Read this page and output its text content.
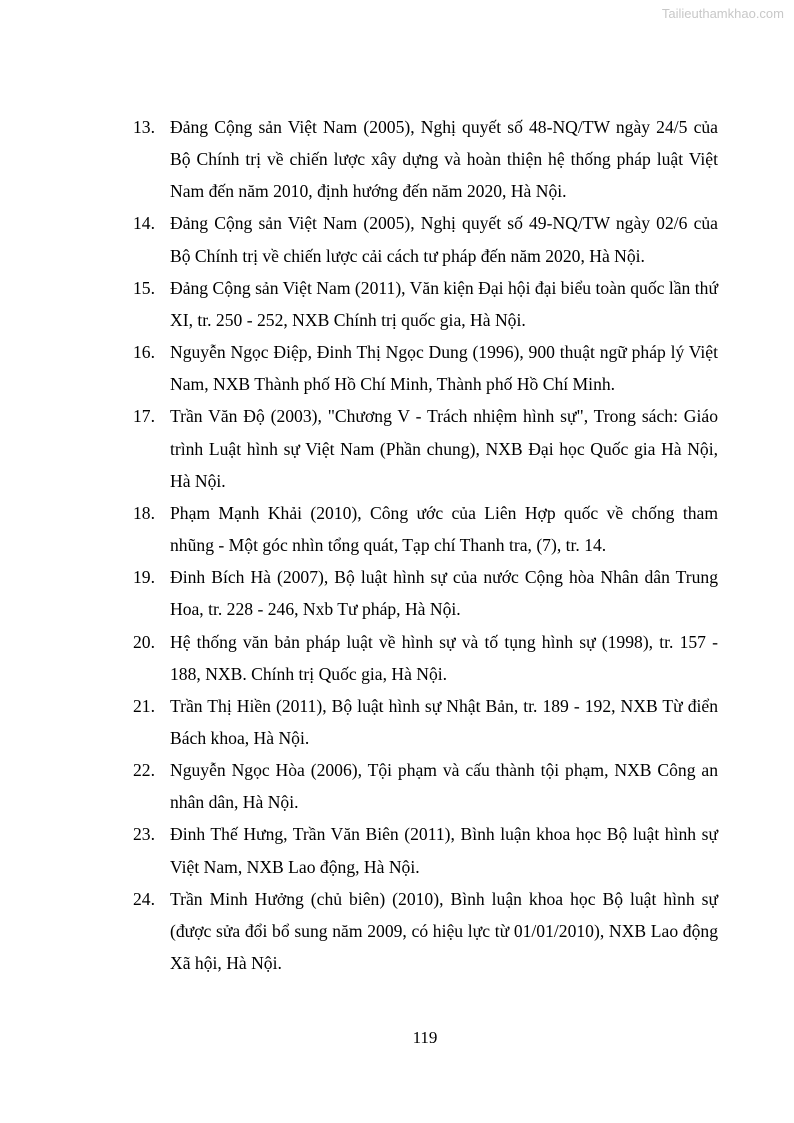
Tailieuthamkhao.com
13. Đảng Cộng sản Việt Nam (2005), Nghị quyết số 48-NQ/TW ngày 24/5 của Bộ Chính trị về chiến lược xây dựng và hoàn thiện hệ thống pháp luật Việt Nam đến năm 2010, định hướng đến năm 2020, Hà Nội.
14. Đảng Cộng sản Việt Nam (2005), Nghị quyết số 49-NQ/TW ngày 02/6 của Bộ Chính trị về chiến lược cải cách tư pháp đến năm 2020, Hà Nội.
15. Đảng Cộng sản Việt Nam (2011), Văn kiện Đại hội đại biểu toàn quốc lần thứ XI, tr. 250 - 252, NXB Chính trị quốc gia, Hà Nội.
16. Nguyễn Ngọc Điệp, Đinh Thị Ngọc Dung (1996), 900 thuật ngữ pháp lý Việt Nam, NXB Thành phố Hồ Chí Minh, Thành phố Hồ Chí Minh.
17. Trần Văn Độ (2003), "Chương V - Trách nhiệm hình sự", Trong sách: Giáo trình Luật hình sự Việt Nam (Phần chung), NXB Đại học Quốc gia Hà Nội, Hà Nội.
18. Phạm Mạnh Khải (2010), Công ước của Liên Hợp quốc về chống tham nhũng - Một góc nhìn tổng quát, Tạp chí Thanh tra, (7), tr. 14.
19. Đinh Bích Hà (2007), Bộ luật hình sự của nước Cộng hòa Nhân dân Trung Hoa, tr. 228 - 246, Nxb Tư pháp, Hà Nội.
20. Hệ thống văn bản pháp luật về hình sự và tố tụng hình sự (1998), tr. 157 - 188, NXB. Chính trị Quốc gia, Hà Nội.
21. Trần Thị Hiền (2011), Bộ luật hình sự Nhật Bản, tr. 189 - 192, NXB Từ điển Bách khoa, Hà Nội.
22. Nguyễn Ngọc Hòa (2006), Tội phạm và cấu thành tội phạm, NXB Công an nhân dân, Hà Nội.
23. Đinh Thế Hưng, Trần Văn Biên (2011), Bình luận khoa học Bộ luật hình sự Việt Nam, NXB Lao động, Hà Nội.
24. Trần Minh Hưởng (chủ biên) (2010), Bình luận khoa học Bộ luật hình sự (được sửa đổi bổ sung năm 2009, có hiệu lực từ 01/01/2010), NXB Lao động Xã hội, Hà Nội.
119
